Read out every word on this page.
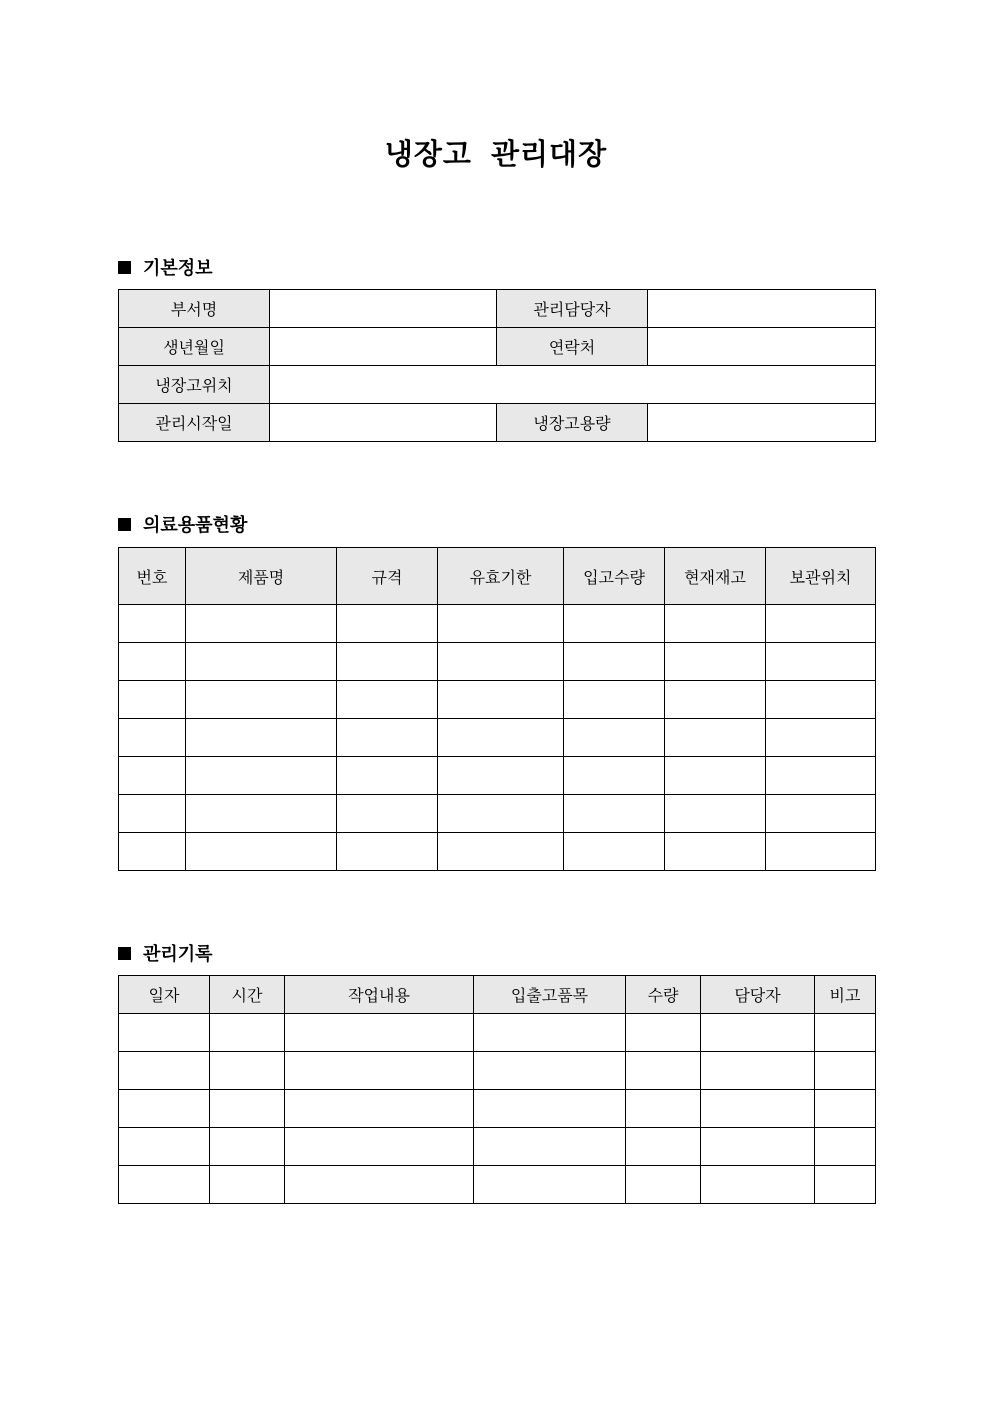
냉장고 관리대장
기본정보
부서명		관리담당자	
생년월일		연락처	
냉장고위치			
관리시작일		냉장고용량	
의료용품현황
번호	제품명	규격	유효기한	입고수량	현재재고	보관위치

관리기록
일자	시간	작업내용	입출고품목	수량	담당자	비고
